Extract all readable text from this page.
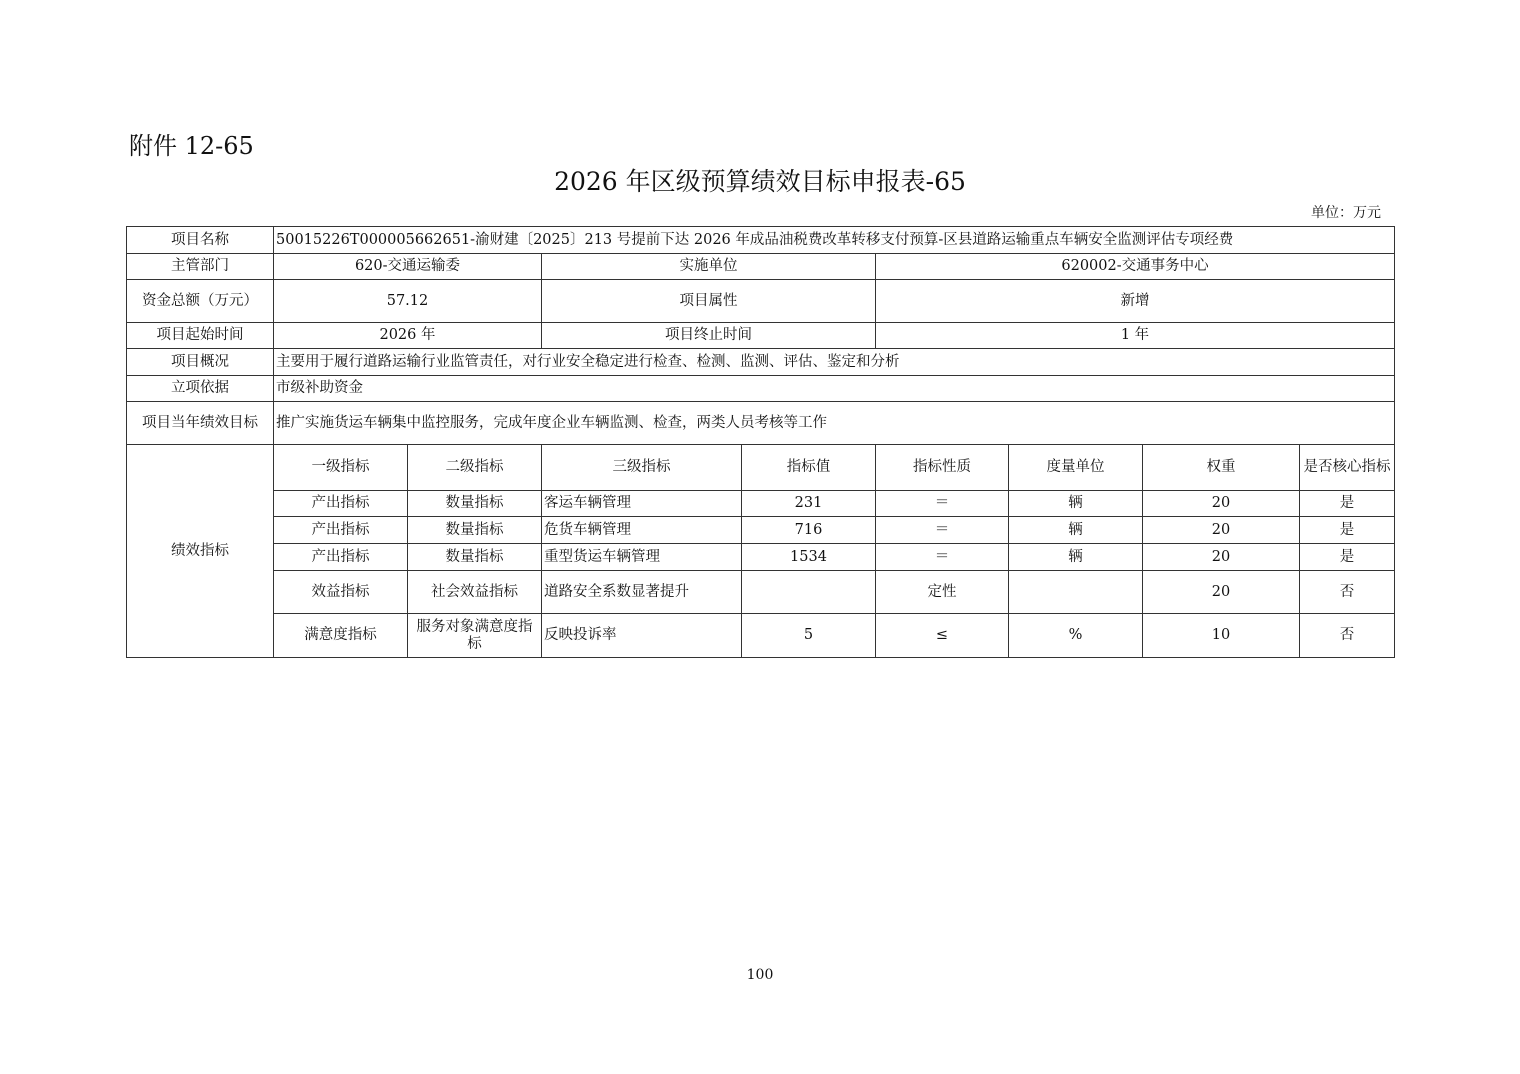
附件 12-65
2026 年区级预算绩效目标申报表-65
单位：万元
项目名称	50015226T000005662651-渝财建〔2025〕213 号提前下达 2026 年成品油税费改革转移支付预算-区县道路运输重点车辆安全监测评估专项经费							
主管部门	620-交通运输委		实施单位		620002-交通事务中心			
资金总额（万元）	57.12		项目属性		新增			
项目起始时间	2026 年		项目终止时间		1 年			
项目概况	主要用于履行道路运输行业监管责任，对行业安全稳定进行检查、检测、监测、评估、鉴定和分析							
立项依据	市级补助资金							
项目当年绩效目标	推广实施货运车辆集中监控服务，完成年度企业车辆监测、检查，两类人员考核等工作							
绩效指标	一级指标	二级指标	三级指标	指标值	指标性质	度量单位	权重	是否核心指标
	产出指标	数量指标	客运车辆管理	231	＝	辆	20	是
	产出指标	数量指标	危货车辆管理	716	＝	辆	20	是
	产出指标	数量指标	重型货运车辆管理	1534	＝	辆	20	是
	效益指标	社会效益指标	道路安全系数显著提升		定性		20	否
	满意度指标	服务对象满意度指标	反映投诉率	5	≤	%	10	否
100
